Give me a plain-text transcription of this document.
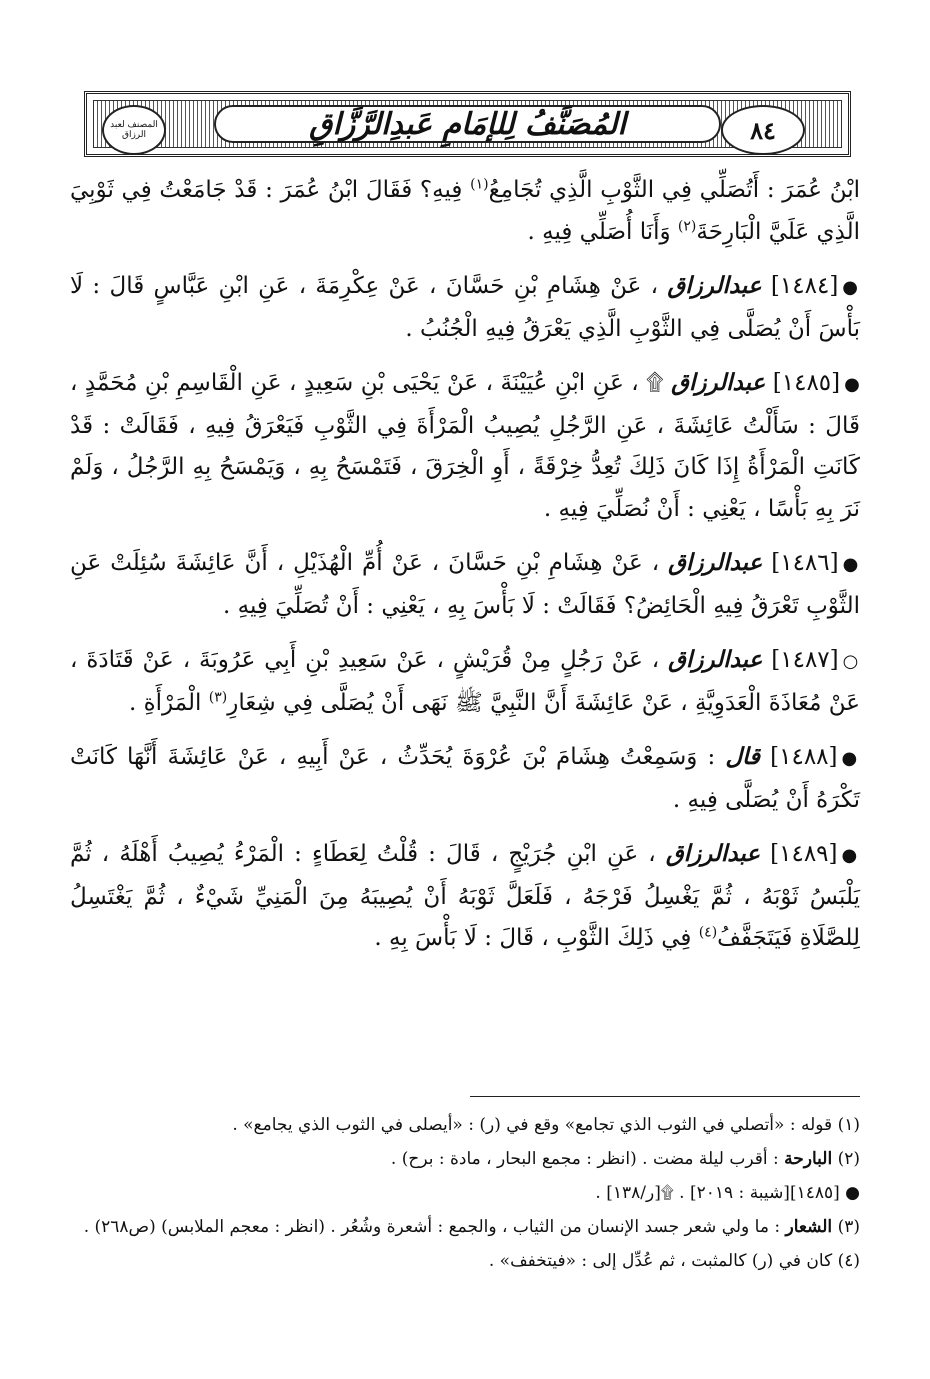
٨٤
المُصَنَّفُ لِلإمَامِ عَبدِالرَّزَّاقِ
المصنف لعبد الرزاق

ابْنُ عُمَرَ : أَتُصَلِّي فِي الثَّوْبِ الَّذِي تُجَامِعُ$^{(١)}$ فِيهِ؟ فَقَالَ ابْنُ عُمَرَ : قَدْ جَامَعْتُ فِي ثَوْبِيَ الَّذِي عَلَيَّ الْبَارِحَةَ$^{(٢)}$ وَأَنَا أُصَلِّي فِيهِ .

●[١٤٨٤] عبدالرزاق ، عَنْ هِشَامِ بْنِ حَسَّانَ ، عَنْ عِكْرِمَةَ ، عَنِ ابْنِ عَبَّاسٍ قَالَ : لَا بَأْسَ أَنْ يُصَلَّى فِي الثَّوْبِ الَّذِي يَعْرَقُ فِيهِ الْجُنُبُ .

●[١٤٨٥] عبدالرزاق ۩ ، عَنِ ابْنِ عُيَيْنَةَ ، عَنْ يَحْيَى بْنِ سَعِيدٍ ، عَنِ الْقَاسِمِ بْنِ مُحَمَّدٍ ، قَالَ : سَأَلْتُ عَائِشَةَ ، عَنِ الرَّجُلِ يُصِيبُ الْمَرْأَةَ فِي الثَّوْبِ فَيَعْرَقُ فِيهِ ، فَقَالَتْ : قَدْ كَانَتِ الْمَرْأَةُ إِذَا كَانَ ذَلِكَ تُعِدُّ خِرْقَةً ، أَوِ الْخِرَقَ ، فَتَمْسَحُ بِهِ ، وَيَمْسَحُ بِهِ الرَّجُلُ ، وَلَمْ نَرَ بِهِ بَأْسًا ، يَعْنِي : أَنْ نُصَلِّيَ فِيهِ .

●[١٤٨٦] عبدالرزاق ، عَنْ هِشَامِ بْنِ حَسَّانَ ، عَنْ أُمِّ الْهُذَيْلِ ، أَنَّ عَائِشَةَ سُئِلَتْ عَنِ الثَّوْبِ تَعْرَقُ فِيهِ الْحَائِضُ؟ فَقَالَتْ : لَا بَأْسَ بِهِ ، يَعْنِي : أَنْ تُصَلِّيَ فِيهِ .

○[١٤٨٧] عبدالرزاق ، عَنْ رَجُلٍ مِنْ قُرَيْشٍ ، عَنْ سَعِيدِ بْنِ أَبِي عَرُوبَةَ ، عَنْ قَتَادَةَ ، عَنْ مُعَاذَةَ الْعَدَوِيَّةِ ، عَنْ عَائِشَةَ أَنَّ النَّبِيَّ ﷺ نَهَى أَنْ يُصَلَّى فِي شِعَارِ$^{(٣)}$ الْمَرْأَةِ .

●[١٤٨٨] قال : وَسَمِعْتُ هِشَامَ بْنَ عُرْوَةَ يُحَدِّثُ ، عَنْ أَبِيهِ ، عَنْ عَائِشَةَ أَنَّهَا كَانَتْ تَكْرَهُ أَنْ يُصَلَّى فِيهِ .

●[١٤٨٩] عبدالرزاق ، عَنِ ابْنِ جُرَيْجٍ ، قَالَ : قُلْتُ لِعَطَاءٍ : الْمَرْءُ يُصِيبُ أَهْلَهُ ، ثُمَّ يَلْبَسُ ثَوْبَهُ ، ثُمَّ يَغْسِلُ فَرْجَهُ ، فَلَعَلَّ ثَوْبَهُ أَنْ يُصِيبَهُ مِنَ الْمَنِيِّ شَيْءٌ ، ثُمَّ يَغْتَسِلُ لِلصَّلَاةِ فَيَتَجَفَّفُ$^{(٤)}$ فِي ذَلِكَ الثَّوْبِ ، قَالَ : لَا بَأْسَ بِهِ .

(١) قوله : «أتصلي في الثوب الذي تجامع» وقع في (ر) : «أيصلى في الثوب الذي يجامع» .

(٢) البارحة : أقرب ليلة مضت . (انظر : مجمع البحار ، مادة : برح) .

● [١٤٨٥][شيبة : ٢٠١٩] . ۩[ر/١٣٨] .

(٣) الشعار : ما ولي شعر جسد الإنسان من الثياب ، والجمع : أشعرة وشُعُر . (انظر : معجم الملابس) (ص٢٦٨) .

(٤) كان في (ر) كالمثبت ، ثم عُدِّل إلى : «فيتخفف» .
